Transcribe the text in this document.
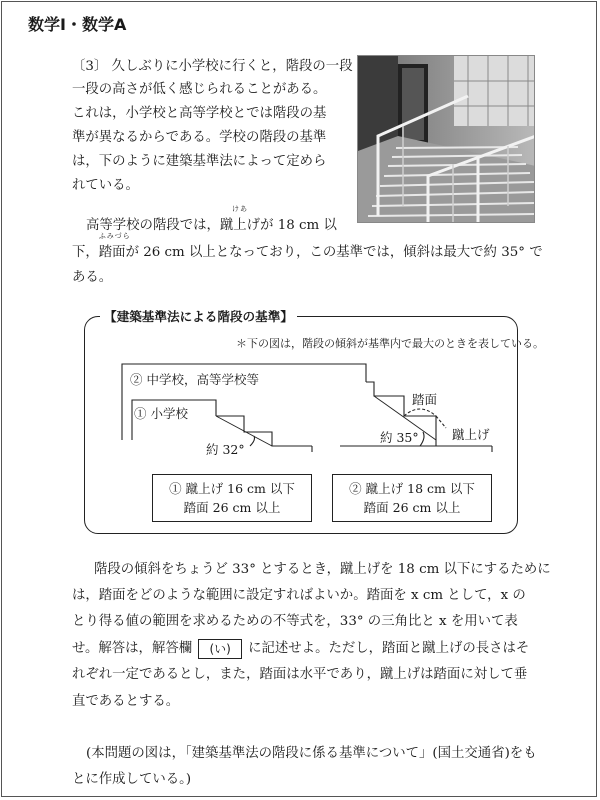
数学Ⅰ・数学A
〔3〕 久しぶりに小学校に行くと，階段の一段
一段の高さが低く感じられることがある。
これは，小学校と高等学校とでは階段の基
準が異なるからである。学校の階段の基準
は，下のように建築基準法によって定めら
れている。
高等学校の階段では，
けあ
蹴上げが 18 cm 以
下，
ふみづら
踏面が 26 cm 以上となっており，この基準では，傾斜は最大で約 35° で
ある。
【建築基準法による階段の基準】
＊下の図は，階段の傾斜が基準内で最大のときを表している。
② 中学校，高等学校等
① 小学校
約 32°
約 35°
踏面
蹴上げ
① 蹴上げ 16 cm 以下
踏面 26 cm 以上
② 蹴上げ 18 cm 以下
踏面 26 cm 以上
階段の傾斜をちょうど 33° とするとき，蹴上げを 18 cm 以下にするために
は，踏面をどのような範囲に設定すればよいか。踏面を x cm として，x の
とり得る値の範囲を求めるための不等式を，33° の三角比と x を用いて表
せ。解答は，解答欄 (い) に記述せよ。ただし，踏面と蹴上げの長さはそ
れぞれ一定であるとし，また，踏面は水平であり，蹴上げは踏面に対して垂
直であるとする。
(本問題の図は，「建築基準法の階段に係る基準について」(国土交通省)をも
とに作成している。)
